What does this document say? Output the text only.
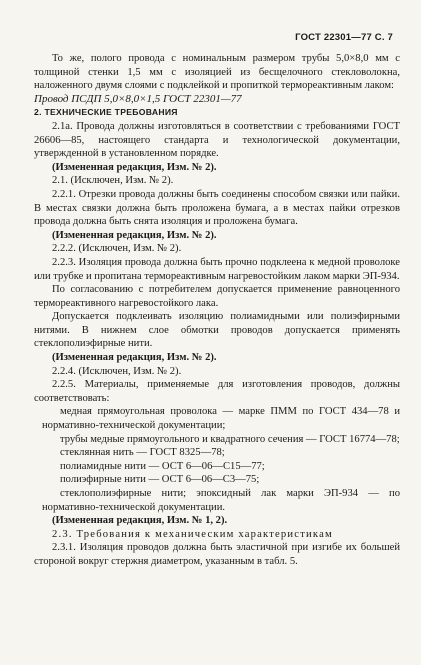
ГОСТ 22301—77 С. 7

То же, полого провода с номинальным размером трубы 5,0×8,0 мм с толщиной стенки 1,5 мм с изоляцией из бесщелочного стекловолокна, наложенного двумя слоями с подклейкой и пропиткой термореактивным лаком:

Провод ПСДП 5,0×8,0×1,5 ГОСТ 22301—77

2. ТЕХНИЧЕСКИЕ ТРЕБОВАНИЯ

2.1а. Провода должны изготовляться в соответствии с требованиями ГОСТ 26606—85, настоящего стандарта и технологической документации, утвержденной в установленном порядке.

(Измененная редакция, Изм. № 2).

2.1. (Исключен, Изм. № 2).

2.2.1. Отрезки провода должны быть соединены способом связки или пайки. В местах связки должна быть проложена бумага, а в местах пайки отрезков провода должна быть снята изоляция и проложена бумага.

(Измененная редакция, Изм. № 2).

2.2.2. (Исключен, Изм. № 2).

2.2.3. Изоляция провода должна быть прочно подклеена к медной проволоке или трубке и пропитана термореактивным нагревостойким лаком марки ЭП-934.

По согласованию с потребителем допускается применение равноценного термореактивного нагревостойкого лака.

Допускается подклеивать изоляцию полиамидными или полиэфирными нитями. В нижнем слое обмотки проводов допускается применять стеклополиэфирные нити.

(Измененная редакция, Изм. № 2).

2.2.4. (Исключен, Изм. № 2).

2.2.5. Материалы, применяемые для изготовления проводов, должны соответствовать:

медная прямоугольная проволока — марке ПММ по ГОСТ 434—78 и нормативно-технической документации;

трубы медные прямоугольного и квадратного сечения — ГОСТ 16774—78;

стеклянная нить — ГОСТ 8325—78;

полиамидные нити — ОСТ 6—06—С15—77;

полиэфирные нити — ОСТ 6—06—С3—75;

стеклополиэфирные нити; эпоксидный лак марки ЭП-934 — по нормативно-технической документации.

(Измененная редакция, Изм. № 1, 2).

2.3. Требования к механическим характеристикам

2.3.1. Изоляция проводов должна быть эластичной при изгибе их большей стороной вокруг стержня диаметром, указанным в табл. 5.
